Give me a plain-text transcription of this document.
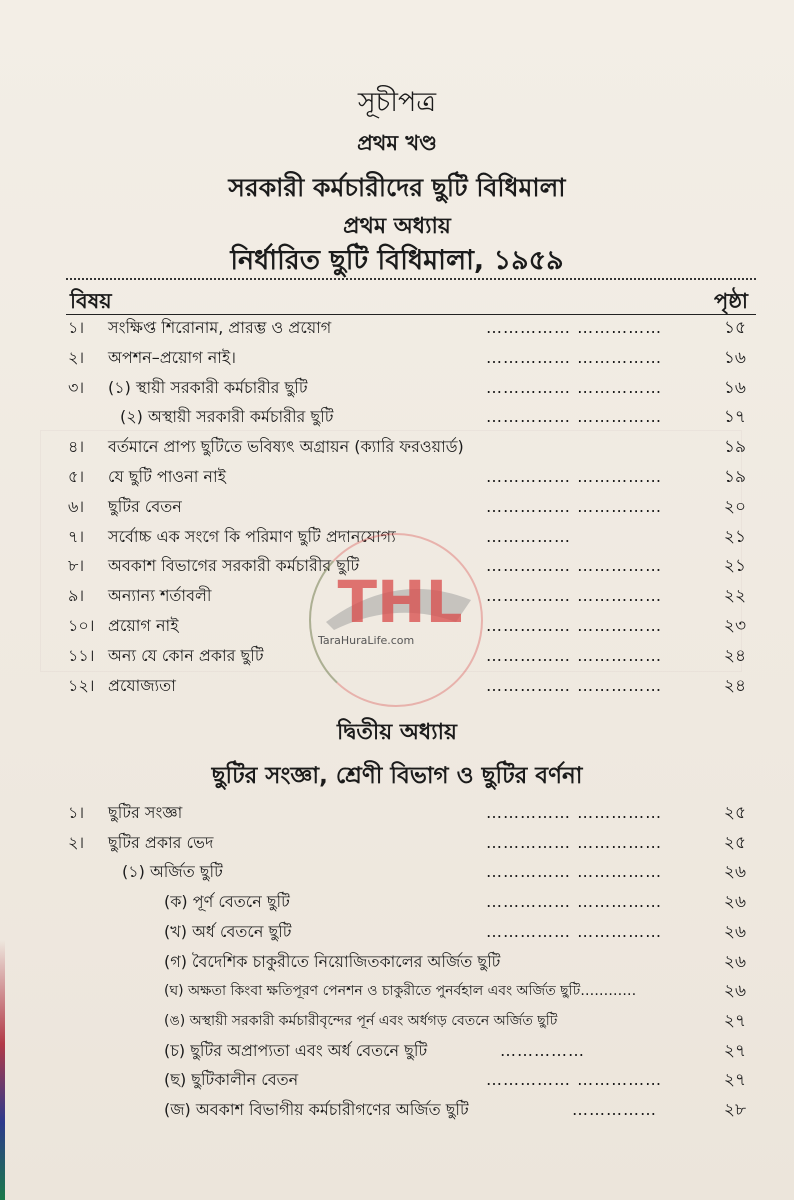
সূচীপত্র
প্রথম খণ্ড
সরকারী কর্মচারীদের ছুটি বিধিমালা
প্রথম অধ্যায়
নির্ধারিত ছুটি বিধিমালা, ১৯৫৯
বিষয়	পৃষ্ঠা
১। সংক্ষিপ্ত শিরোনাম, প্রারম্ভ ও প্রয়োগ	…………… ……………	১৫
২। অপশন–প্রয়োগ নাই।	…………… ……………	১৬
৩। (১) স্থায়ী সরকারী কর্মচারীর ছুটি	…………… ……………	১৬
(২) অস্থায়ী সরকারী কর্মচারীর ছুটি	…………… ……………	১৭
৪। বর্তমানে প্রাপ্য ছুটিতে ভবিষ্যৎ অগ্রায়ন (ক্যারি ফরওয়ার্ড)	১৯
৫। যে ছুটি পাওনা নাই	…………… ……………	১৯
৬। ছুটির বেতন	…………… ……………	২০
৭। সর্বোচ্চ এক সংগে কি পরিমাণ ছুটি প্রদানযোগ্য	……………	২১
৮। অবকাশ বিভাগের সরকারী কর্মচারীর ছুটি	…………… ……………	২১
৯। অন্যান্য শর্তাবলী	…………… ……………	২২
১০। প্রয়োগ নাই	…………… ……………	২৩
১১। অন্য যে কোন প্রকার ছুটি	…………… ……………	২৪
১২। প্রযোজ্যতা	…………… ……………	২৪
দ্বিতীয় অধ্যায়
ছুটির সংজ্ঞা, শ্রেণী বিভাগ ও ছুটির বর্ণনা
১। ছুটির সংজ্ঞা	…………… ……………	২৫
২। ছুটির প্রকার ভেদ	…………… ……………	২৫
(১) অর্জিত ছুটি	…………… ……………	২৬
(ক) পূর্ণ বেতনে ছুটি	…………… ……………	২৬
(খ) অর্ধ বেতনে ছুটি	…………… ……………	২৬
(গ) বৈদেশিক চাকুরীতে নিয়োজিতকালের অর্জিত ছুটি	২৬
(ঘ) অক্ষতা কিংবা ক্ষতিপূরণ পেনশন ও চাকুরীতে পুনর্বহাল এবং অর্জিত ছুটি…………	২৬
(ঙ) অস্থায়ী সরকারী কর্মচারীবৃন্দের পূর্ন এবং অর্ধগড় বেতনে অর্জিত ছুটি	২৭
(চ) ছুটির অপ্রাপ্যতা এবং অর্ধ বেতনে ছুটি	……………	২৭
(ছ) ছুটিকালীন বেতন	…………… ……………	২৭
(জ) অবকাশ বিভাগীয় কর্মচারীগণের অর্জিত ছুটি	……………	২৮
THL
TaraHuraLife.com
